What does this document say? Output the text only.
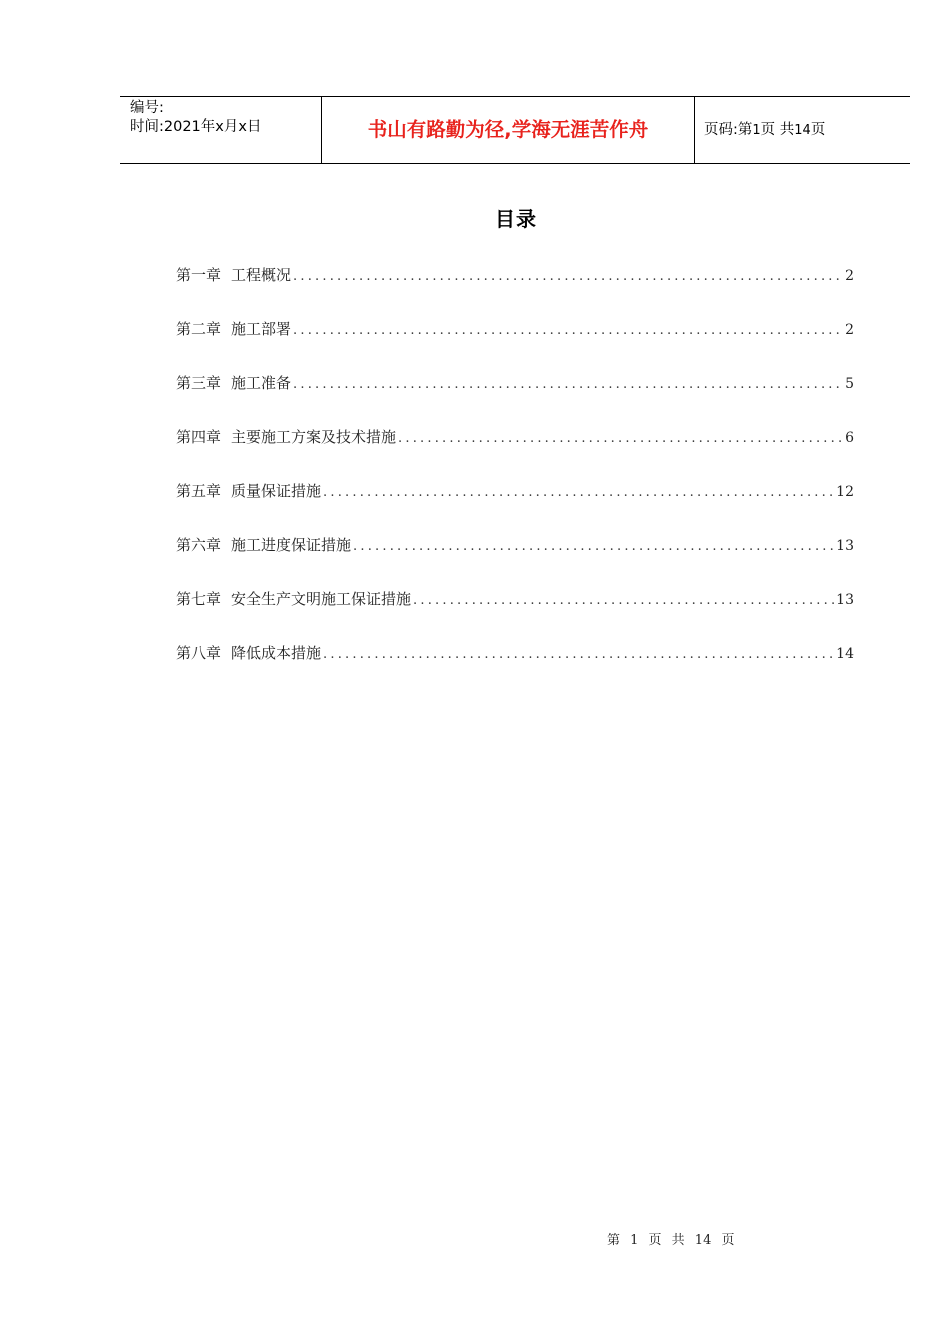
编号:
时间:2021年x月x日	书山有路勤为径,学海无涯苦作舟	页码:第1页 共14页
目录
第一章 工程概况 .....	2
第二章 施工部署 .....	2
第三章 施工准备 .....	5
第四章 主要施工方案及技术措施 .....	6
第五章 质量保证措施 .....	12
第六章 施工进度保证措施 .....	13
第七章 安全生产文明施工保证措施 .....	13
第八章 降低成本措施 .....	14
第 1 页 共 14 页
